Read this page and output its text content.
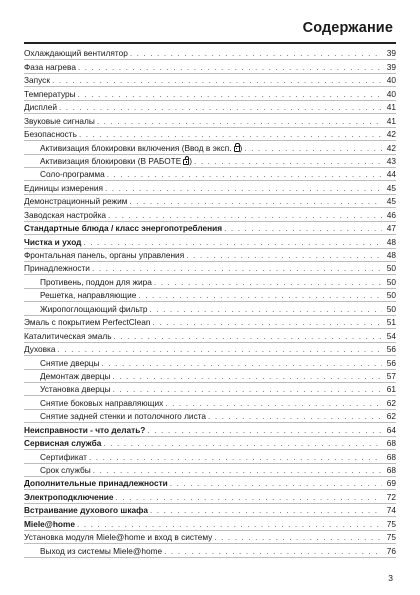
Содержание
Охлаждающий вентилятор . . .	39
Фаза нагрева . . .	39
Запуск . . .	40
Температуры . . .	40
Дисплей . . .	41
Звуковые сигналы . . .	41
Безопасность . . .	42
Активизация блокировки включения (Ввод в эксп. ) . . .	42
Активизация блокировки (В РАБОТЕ ) . . .	43
Соло-программа . . .	44
Единицы измерения . . .	45
Демонстрационный режим . . .	45
Заводская настройка . . .	46
Стандартные блюда / класс энергопотребления . . .	47
Чистка и уход . . .	48
Фронтальная панель, органы управления . . .	48
Принадлежности . . .	50
Противень, поддон для жира . . .	50
Решетка, направляющие . . .	50
Жиропоглощающий фильтр . . .	50
Эмаль с покрытием PerfectClean . . .	51
Каталитическая эмаль . . .	54
Духовка . . .	56
Снятие дверцы . . .	56
Демонтаж дверцы . . .	57
Установка дверцы . . .	61
Снятие боковых направляющих . . .	62
Снятие задней стенки и потолочного листа . . .	62
Неисправности - что делать? . . .	64
Сервисная служба . . .	68
Сертификат . . .	68
Срок службы . . .	68
Дополнительные принадлежности . . .	69
Электроподключение . . .	72
Встраивание духового шкафа . . .	74
Miele@home . . .	75
Установка модуля Miele@home и вход в систему . . .	75
Выход из системы Miele@home . . .	76
3
